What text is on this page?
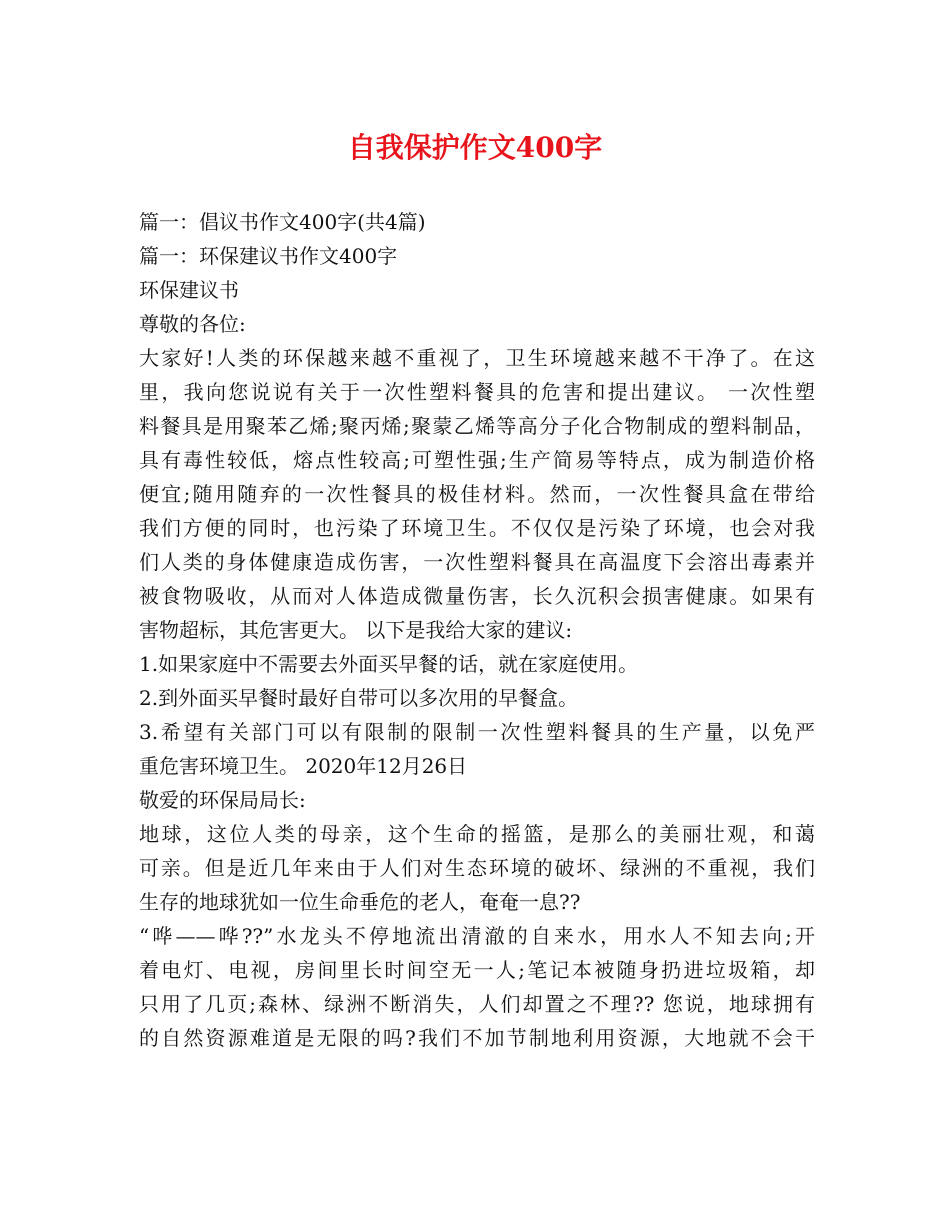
自我保护作文400字
篇一：倡议书作文400字(共4篇)
篇一：环保建议书作文400字
环保建议书
尊敬的各位:
大家好!人类的环保越来越不重视了，卫生环境越来越不干净了。在这
里，我向您说说有关于一次性塑料餐具的危害和提出建议。 一次性塑
料餐具是用聚苯乙烯;聚丙烯;聚蒙乙烯等高分子化合物制成的塑料制品，
具有毒性较低，熔点性较高;可塑性强;生产简易等特点，成为制造价格
便宜;随用随弃的一次性餐具的极佳材料。然而，一次性餐具盒在带给
我们方便的同时，也污染了环境卫生。不仅仅是污染了环境，也会对我
们人类的身体健康造成伤害，一次性塑料餐具在高温度下会溶出毒素并
被食物吸收，从而对人体造成微量伤害，长久沉积会损害健康。如果有
害物超标，其危害更大。 以下是我给大家的建议:
1.如果家庭中不需要去外面买早餐的话，就在家庭使用。
2.到外面买早餐时最好自带可以多次用的早餐盒。
3.希望有关部门可以有限制的限制一次性塑料餐具的生产量，以免严
重危害环境卫生。 2020年12月26日
敬爱的环保局局长:
地球，这位人类的母亲，这个生命的摇篮，是那么的美丽壮观，和蔼
可亲。但是近几年来由于人们对生态环境的破坏、绿洲的不重视，我们
生存的地球犹如一位生命垂危的老人，奄奄一息??
“哗——哗??”水龙头不停地流出清澈的自来水，用水人不知去向;开
着电灯、电视，房间里长时间空无一人;笔记本被随身扔进垃圾箱，却
只用了几页;森林、绿洲不断消失，人们却置之不理?? 您说，地球拥有
的自然资源难道是无限的吗?我们不加节制地利用资源，大地就不会干
